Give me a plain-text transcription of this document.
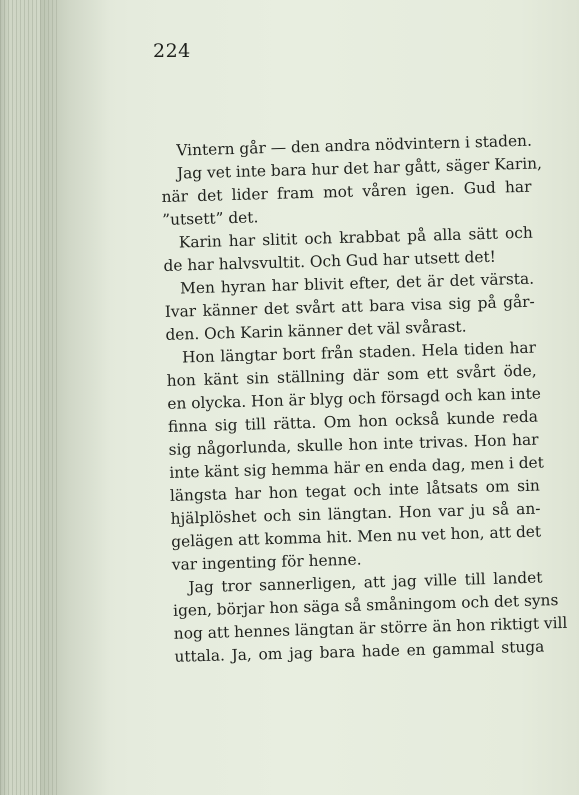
224
Vintern går — den andra nödvintern i staden.
Jag vet inte bara hur det har gått, säger Karin,
när det lider fram mot våren igen. Gud har
”utsett” det.
Karin har slitit och krabbat på alla sätt och
de har halvsvultit. Och Gud har utsett det!
Men hyran har blivit efter, det är det värsta.
Ivar känner det svårt att bara visa sig på går-
den. Och Karin känner det väl svårast.
Hon längtar bort från staden. Hela tiden har
hon känt sin ställning där som ett svårt öde,
en olycka. Hon är blyg och försagd och kan inte
finna sig till rätta. Om hon också kunde reda
sig någorlunda, skulle hon inte trivas. Hon har
inte känt sig hemma här en enda dag, men i det
längsta har hon tegat och inte låtsats om sin
hjälplöshet och sin längtan. Hon var ju så an-
gelägen att komma hit. Men nu vet hon, att det
var ingenting för henne.
Jag tror sannerligen, att jag ville till landet
igen, börjar hon säga så småningom och det syns
nog att hennes längtan är större än hon riktigt vill
uttala. Ja, om jag bara hade en gammal stuga
